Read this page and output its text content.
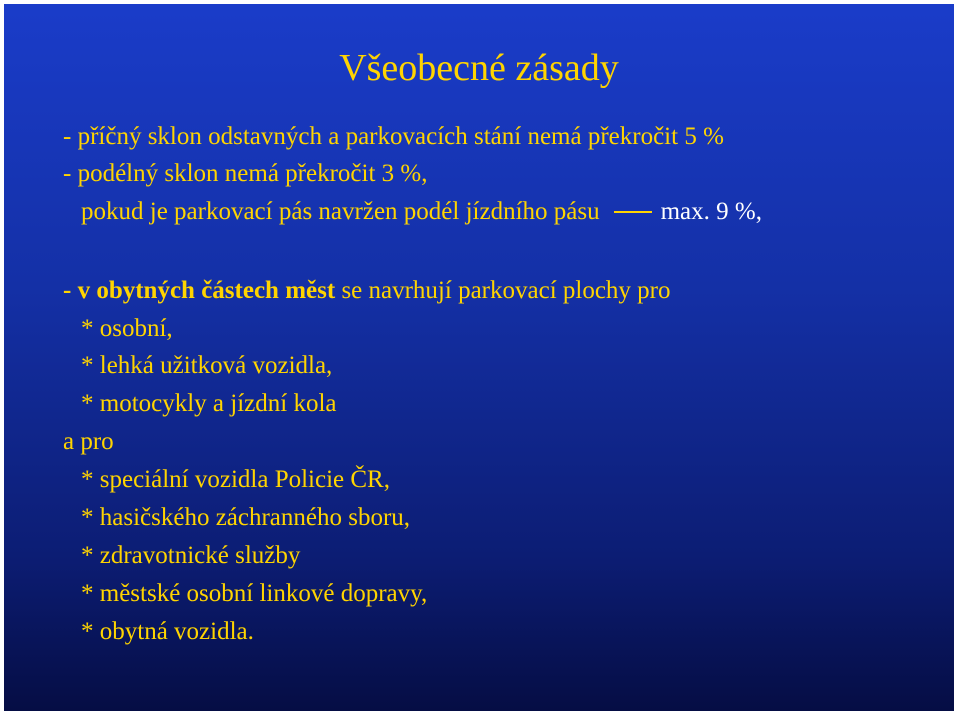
Všeobecné zásady
- příčný sklon odstavných a parkovacích stání nemá překročit 5 %
- podélný sklon nemá překročit 3 %,
pokud je parkovací pás navržen podél jízdního pásu max. 9 %,
- v obytných částech měst se navrhují parkovací plochy pro
* osobní,
* lehká užitková vozidla,
* motocykly a jízdní kola
a pro
* speciální vozidla Policie ČR,
* hasičského záchranného sboru,
* zdravotnické služby
* městské osobní linkové dopravy,
* obytná vozidla.
